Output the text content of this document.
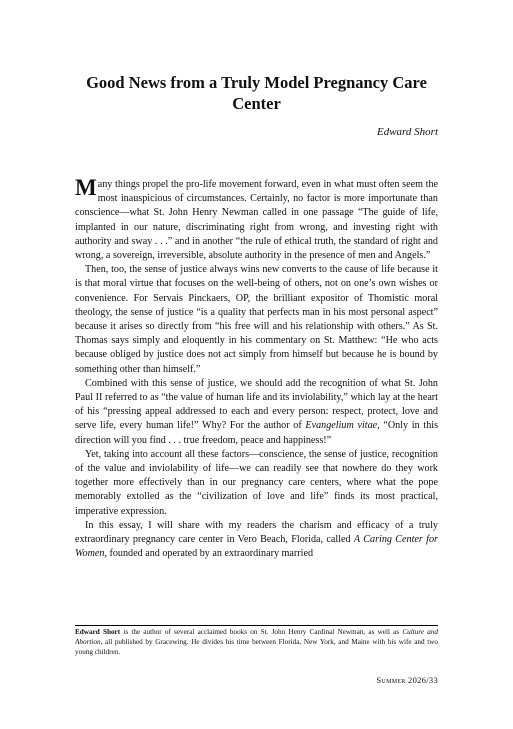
Good News from a Truly Model Pregnancy Care Center
Edward Short

Many things propel the pro-life movement forward, even in what must often seem the most inauspicious of circumstances. Certainly, no factor is more importunate than conscience—what St. John Henry Newman called in one passage “The guide of life, implanted in our nature, discriminating right from wrong, and investing right with authority and sway . . .” and in another “the rule of ethical truth, the standard of right and wrong, a sovereign, irreversible, absolute authority in the presence of men and Angels.”

Then, too, the sense of justice always wins new converts to the cause of life because it is that moral virtue that focuses on the well-being of others, not on one’s own wishes or convenience. For Servais Pinckaers, OP, the brilliant expositor of Thomistic moral theology, the sense of justice “is a quality that perfects man in his most personal aspect” because it arises so directly from “his free will and his relationship with others.” As St. Thomas says simply and eloquently in his commentary on St. Matthew: “He who acts because obliged by justice does not act simply from himself but because he is bound by something other than himself.”

Combined with this sense of justice, we should add the recognition of what St. John Paul II referred to as “the value of human life and its inviolability,” which lay at the heart of his “pressing appeal addressed to each and every person: respect, protect, love and serve life, every human life!” Why? For the author of Evangelium vitae, “Only in this direction will you find . . . true freedom, peace and happiness!”

Yet, taking into account all these factors—conscience, the sense of justice, recognition of the value and inviolability of life—we can readily see that nowhere do they work together more effectively than in our pregnancy care centers, where what the pope memorably extolled as the “civilization of love and life” finds its most practical, imperative expression.

In this essay, I will share with my readers the charism and efficacy of a truly extraordinary pregnancy care center in Vero Beach, Florida, called A Caring Center for Women, founded and operated by an extraordinary married

Edward Short is the author of several acclaimed books on St. John Henry Cardinal Newman, as well as Culture and Abortion, all published by Gracewing. He divides his time between Florida, New York, and Maine with his wife and two young children.
Summer 2026/33
